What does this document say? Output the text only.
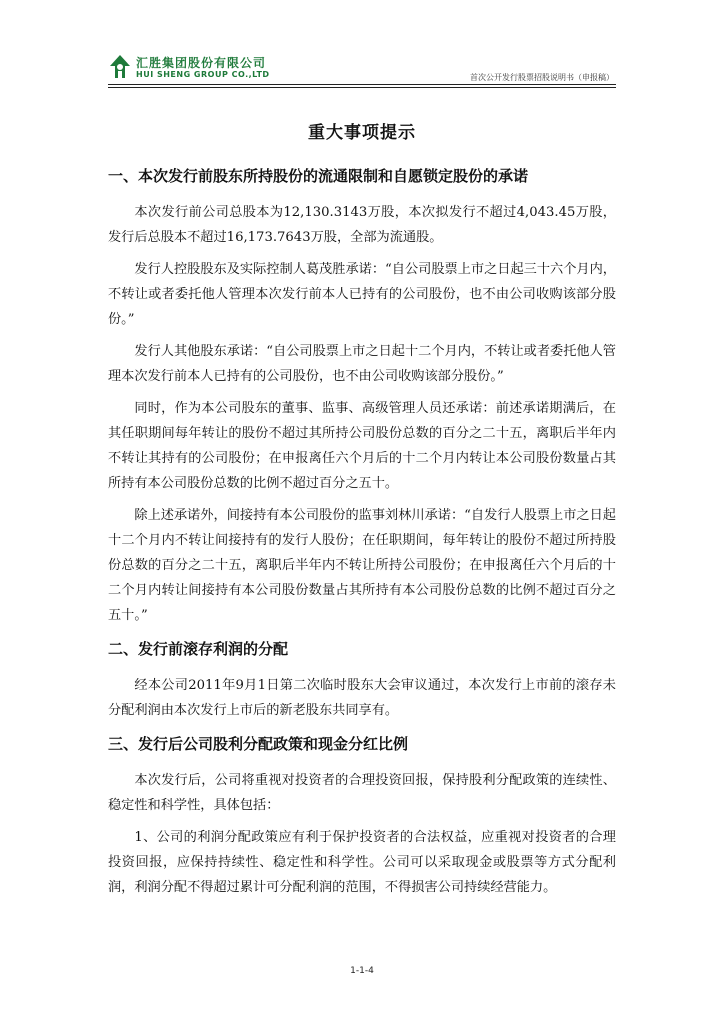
汇胜集团股份有限公司
HUI SHENG GROUP CO.,LTD	首次公开发行股票招股说明书（申报稿）
重大事项提示
一、本次发行前股东所持股份的流通限制和自愿锁定股份的承诺

本次发行前公司总股本为12,130.3143万股，本次拟发行不超过4,043.45万股，发行后总股本不超过16,173.7643万股，全部为流通股。

发行人控股股东及实际控制人葛茂胜承诺：“自公司股票上市之日起三十六个月内，不转让或者委托他人管理本次发行前本人已持有的公司股份，也不由公司收购该部分股份。”

发行人其他股东承诺：“自公司股票上市之日起十二个月内，不转让或者委托他人管理本次发行前本人已持有的公司股份，也不由公司收购该部分股份。”

同时，作为本公司股东的董事、监事、高级管理人员还承诺：前述承诺期满后，在其任职期间每年转让的股份不超过其所持公司股份总数的百分之二十五，离职后半年内不转让其持有的公司股份；在申报离任六个月后的十二个月内转让本公司股份数量占其所持有本公司股份总数的比例不超过百分之五十。

除上述承诺外，间接持有本公司股份的监事刘林川承诺：“自发行人股票上市之日起十二个月内不转让间接持有的发行人股份；在任职期间，每年转让的股份不超过所持股份总数的百分之二十五，离职后半年内不转让所持公司股份；在申报离任六个月后的十二个月内转让间接持有本公司股份数量占其所持有本公司股份总数的比例不超过百分之五十。”

二、发行前滚存利润的分配

经本公司2011年9月1日第二次临时股东大会审议通过，本次发行上市前的滚存未分配利润由本次发行上市后的新老股东共同享有。

三、发行后公司股利分配政策和现金分红比例

本次发行后，公司将重视对投资者的合理投资回报，保持股利分配政策的连续性、稳定性和科学性，具体包括：

1、公司的利润分配政策应有利于保护投资者的合法权益，应重视对投资者的合理投资回报，应保持持续性、稳定性和科学性。公司可以采取现金或股票等方式分配利润，利润分配不得超过累计可分配利润的范围，不得损害公司持续经营能力。

1-1-4
